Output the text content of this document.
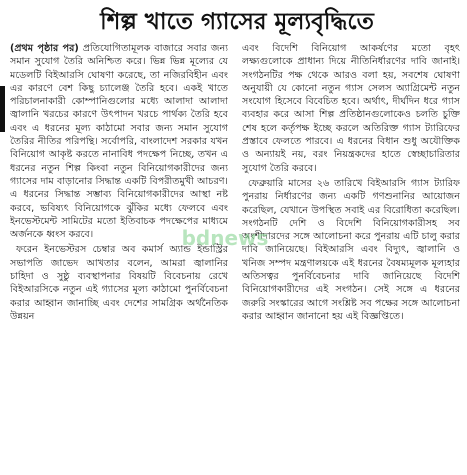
শিল্প খাতে গ্যাসের মূল্যবৃদ্ধিতে

(প্রথম পৃষ্ঠার পর) প্রতিযোগিতামূলক বাজারে সবার জন্য সমান সুযোগ তৈরি অনিশ্চিত করে। ভিন্ন ভিন্ন মূল্যের যে মডেলটি বিইআরসি ঘোষণা করেছে, তা নজিরবিহীন এবং এর কারণে বেশ কিছু চ্যালেঞ্জ তৈরি হবে। একই খাতে পরিচালনাকারী কোম্পানিগুলোর মধ্যে আলাদা আলাদা জ্বালানি খরচের কারণে উৎপাদন খরচে পার্থক্য তৈরি হবে এবং এ ধরনের মূল্য কাঠামো সবার জন্য সমান সুযোগ তৈরির নীতির পরিপন্থি। সর্বোপরি, বাংলাদেশ সরকার যখন বিনিয়োগ আকৃষ্ট করতে নানাবিধ পদক্ষেপ নিচ্ছে, তখন এ ধরনের নতুন শিল্প কিংবা নতুন বিনিয়োগকারীদের জন্য গ্যাসের দাম বাড়ানোর সিদ্ধান্ত একটি বিপরীতমুখী আচরণ। এ ধরনের সিদ্ধান্ত সম্ভাব্য বিনিয়োগকারীদের আস্থা নষ্ট করবে, ভবিষ্যৎ বিনিয়োগকে ঝুঁকির মধ্যে ফেলবে এবং ইনভেস্টমেন্ট সামিটের মতো ইতিবাচক পদক্ষেপের মাধ্যমে অর্জনকে ধ্বংস করবে।

ফরেন ইনভেস্টরস চেম্বার অব কমার্স অ্যান্ড ইন্ডাস্ট্রির সভাপতি জাভেদ আখতার বলেন, আমরা জ্বালানির চাহিদা ও সুষ্ঠু ব্যবস্থাপনার বিষয়টি বিবেচনায় রেখে বিইআরসিকে নতুন এই গ্যাসের মূল্য কাঠামো পুনর্বিবেচনা করার আহ্বান জানাচ্ছি এবং দেশের সামগ্রিক অর্থনৈতিক উন্নয়ন

এবং বিদেশি বিনিয়োগ আকর্ষণের মতো বৃহৎ লক্ষ্যগুলোকে প্রাধান্য দিয়ে নীতিনির্ধারণের দাবি জানাই। সংগঠনটির পক্ষ থেকে আরও বলা হয়, সবশেষ ঘোষণা অনুযায়ী যে কোনো নতুন গ্যাস সেলস অ্যাগ্রিমেন্ট নতুন সংযোগ হিসেবে বিবেচিত হবে। অর্থাৎ, দীর্ঘদিন ধরে গ্যাস ব্যবহার করে আসা শিল্প প্রতিষ্ঠানগুলোকেও চলতি চুক্তি শেষ হলে কর্তৃপক্ষ ইচ্ছে করলে অতিরিক্ত গ্যাস ট্যারিফের প্রস্তাবে ফেলতে পারবে। এ ধরনের বিধান শুধু অযৌক্তিক ও অন্যায়ই নয়, বরং নিয়ন্ত্রকদের হাতে স্বেচ্ছাচারিতার সুযোগ তৈরি করবে।

ফেব্রুয়ারি মাসের ২৬ তারিখে বিইআরসি গ্যাস ট্যারিফ পুনরায় নির্ধারণের জন্য একটি গণশুনানির আয়োজন করেছিল, যেখানে উপস্থিত সবাই এর বিরোধিতা করেছিল। সংগঠনটি দেশি ও বিদেশি বিনিয়োগকারীসহ সব অংশীদারদের সঙ্গে আলোচনা করে পুনরায় এটি চালু করার দাবি জানিয়েছে। বিইআরসি এবং বিদ্যুৎ, জ্বালানি ও খনিজ সম্পদ মন্ত্রণালয়কে এই ধরনের বৈষম্যমূলক মূল্যহার অতিসত্বর পুনর্বিবেচনার দাবি জানিয়েছে বিদেশি বিনিয়োগকারীদের এই সংগঠন। সেই সঙ্গে এ ধরনের জরুরি সংস্কারের আগে সংশ্লিষ্ট সব পক্ষের সঙ্গে আলোচনা করার আহ্বান জানানো হয় এই বিজ্ঞপ্তিতে।

bdnews
